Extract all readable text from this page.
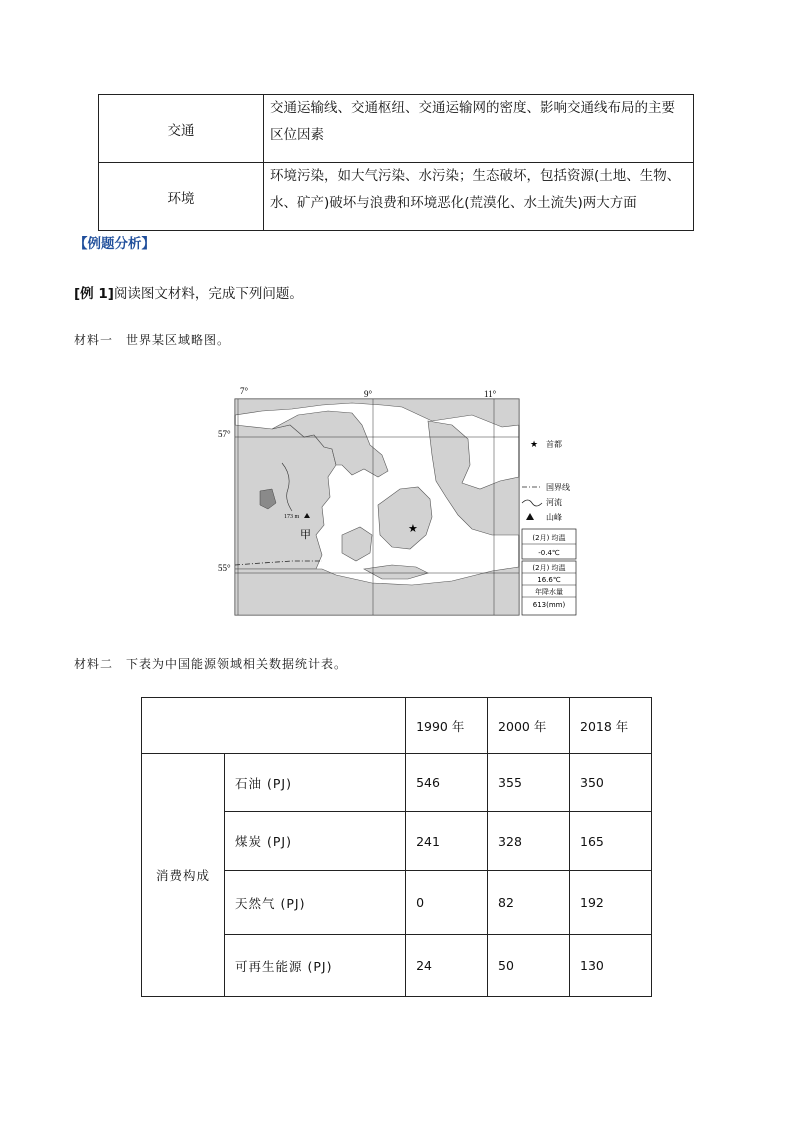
交通	交通运输线、交通枢纽、交通运输网的密度、影响交通线布局的主要区位因素
环境	环境污染，如大气污染、水污染；生态破坏，包括资源(土地、生物、水、矿产)破坏与浪费和环境恶化(荒漠化、水土流失)两大方面
【例题分析】
[例 1]阅读图文材料，完成下列问题。
材料一　世界某区域略图。
7°	9°	11°
57°
55°
173 m
甲	★
★ 首都
国界线
河流
山峰
(2月) 均温
-0.4℃
(2月) 均温
16.6℃
年降水量
613(mm)
材料二　下表为中国能源领域相关数据统计表。
		1990 年	2000 年	2018 年
消费构成	石油 (PJ)	546	355	350
	煤炭 (PJ)	241	328	165
	天然气 (PJ)	0	82	192
	可再生能源 (PJ)	24	50	130
